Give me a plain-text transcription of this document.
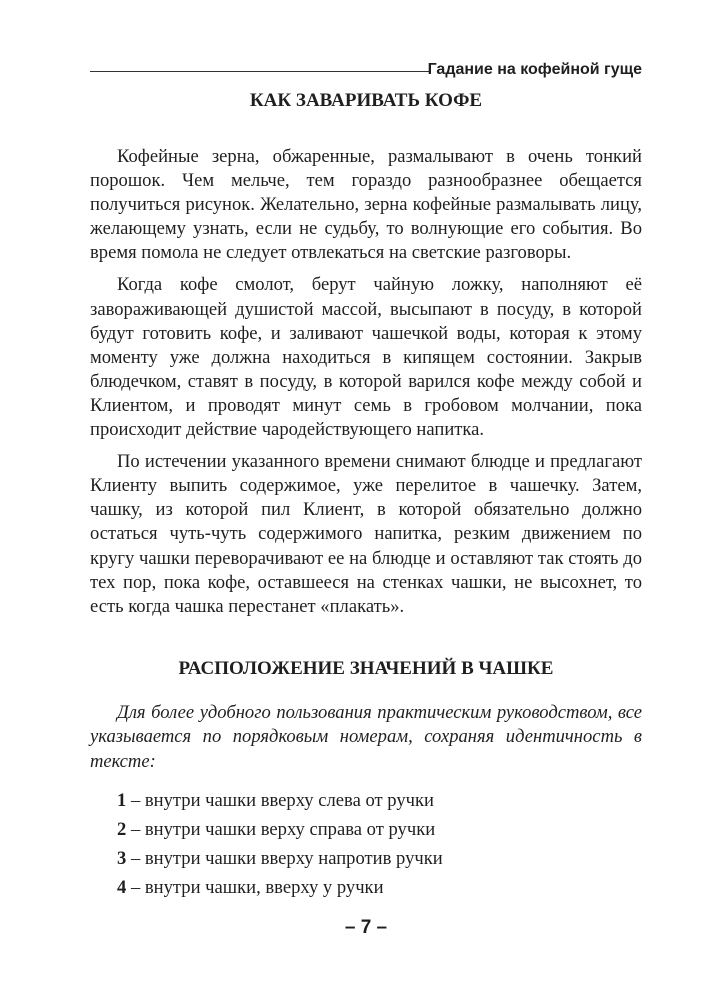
Гадание на кофейной гуще
КАК ЗАВАРИВАТЬ КОФЕ

Кофейные зерна, обжаренные, размалывают в очень тонкий порошок. Чем мельче, тем гораздо разнообразнее обещается получиться рисунок. Желательно, зерна кофейные размалывать лицу, желающему узнать, если не судьбу, то волнующие его события. Во время помола не следует отвлекаться на светские разговоры.

Когда кофе смолот, берут чайную ложку, наполняют её завораживающей душистой массой, высыпают в посуду, в которой будут готовить кофе, и заливают чашечкой воды, которая к этому моменту уже должна находиться в кипящем состоянии. Закрыв блюдечком, ставят в посуду, в которой варился кофе между собой и Клиентом, и проводят минут семь в гробовом молчании, пока происходит действие чародействующего напитка.

По истечении указанного времени снимают блюдце и предлагают Клиенту выпить содержимое, уже перелитое в чашечку. Затем, чашку, из которой пил Клиент, в которой обязательно должно остаться чуть-чуть содержимого напитка, резким движением по кругу чашки переворачивают ее на блюдце и оставляют так стоять до тех пор, пока кофе, оставшееся на стенках чашки, не высохнет, то есть когда чашка перестанет «плакать».

РАСПОЛОЖЕНИЕ ЗНАЧЕНИЙ В ЧАШКЕ
Для более удобного пользования практическим руководством, все указывается по порядковым номерам, сохраняя идентичность в тексте:
1 – внутри чашки вверху слева от ручки
2 – внутри чашки верху справа от ручки
3 – внутри чашки вверху напротив ручки
4 – внутри чашки, вверху у ручки
– 7 –
